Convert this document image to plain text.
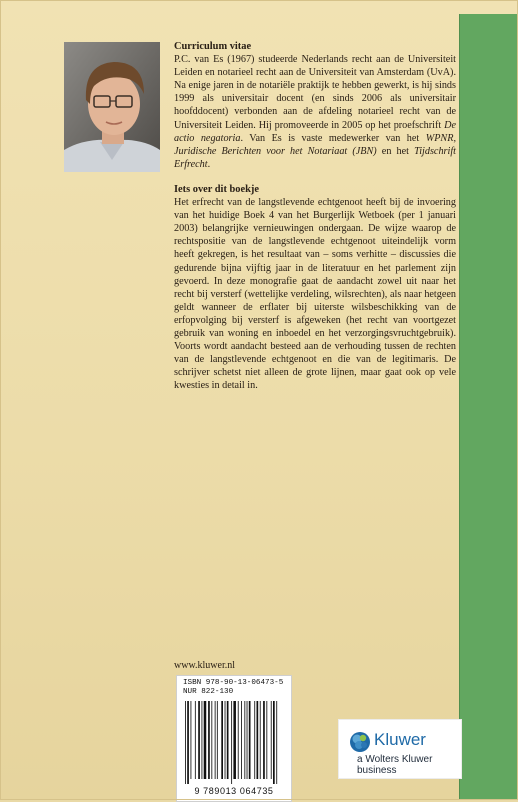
Curriculum vitae

P.C. van Es (1967) studeerde Nederlands recht aan de Universiteit Leiden en notarieel recht aan de Universiteit van Amsterdam (UvA). Na enige jaren in de notariële praktijk te hebben gewerkt, is hij sinds 1999 als universitair docent (en sinds 2006 als universitair hoofddocent) verbonden aan de afdeling notarieel recht van de Universiteit Leiden. Hij promoveerde in 2005 op het proefschrift De actio negatoria. Van Es is vaste medewerker van het WPNR, Juridische Berichten voor het Notariaat (JBN) en het Tijdschrift Erfrecht.

Iets over dit boekje

Het erfrecht van de langstlevende echtgenoot heeft bij de invoering van het huidige Boek 4 van het Burgerlijk Wetboek (per 1 januari 2003) belangrijke vernieuwingen ondergaan. De wijze waarop de rechtspositie van de langstlevende echtgenoot uiteindelijk vorm heeft gekregen, is het resultaat van – soms verhitte – discussies die gedurende bijna vijftig jaar in de literatuur en het parlement zijn gevoerd. In deze monografie gaat de aandacht zowel uit naar het recht bij versterf (wettelijke verdeling, wilsrechten), als naar hetgeen geldt wanneer de erflater bij uiterste wilsbeschikking van de erfopvolging bij versterf is afgeweken (het recht van voortgezet gebruik van woning en inboedel en het verzorgingsvruchtgebruik). Voorts wordt aandacht besteed aan de verhouding tussen de rechten van de langstlevende echtgenoot en die van de legitimaris. De schrijver schetst niet alleen de grote lijnen, maar gaat ook op vele kwesties in detail in.

www.kluwer.nl
ISBN 978-90-13-06473-5
NUR 822-130
9 789013 064735
Kluwer
a Wolters Kluwer business
